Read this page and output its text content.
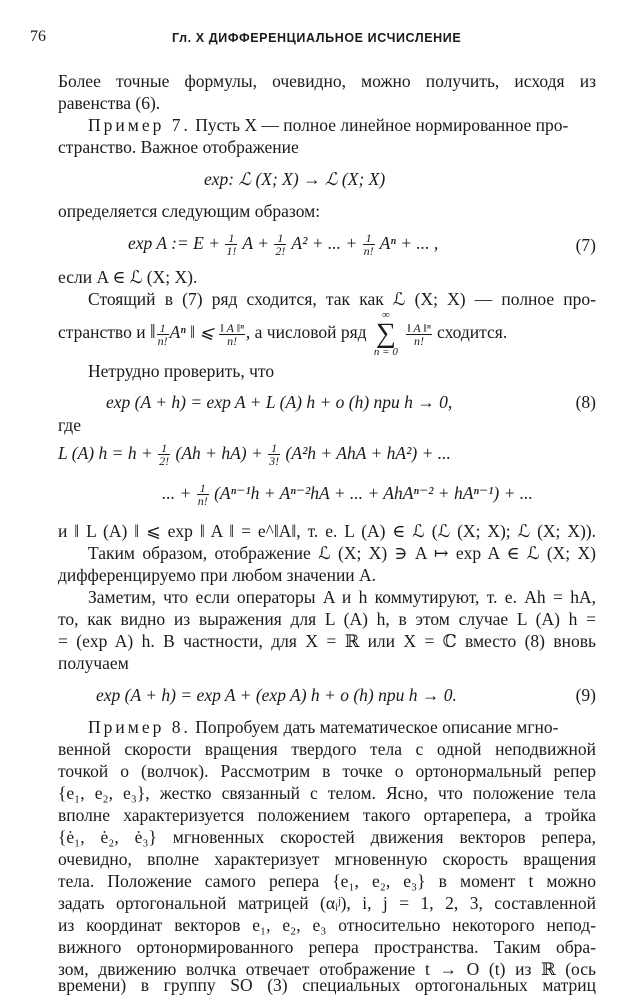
76	Гл. X ДИФФЕРЕНЦИАЛЬНОЕ ИСЧИСЛЕНИЕ
Более точные формулы, очевидно, можно получить, исходя из
равенства (6).
Пример 7. Пусть X — полное линейное нормированное про-
странство. Важное отображение
exp: ℒ (X; X) → ℒ (X; X)
определяется следующим образом:
exp A := $E + \frac{1}{1!}$ $A + \frac{1}{2!} A^2$ + ... + $\frac{1}{n!}$ Aⁿ + ... ,	(7)
если A ∈ ℒ (X; X).
Стоящий в (7) ряд сходится, так как ℒ (X; X) — полное про-
странство и ‖ $\frac{1}{n!}$ Aⁿ ‖ ⩽ $\frac{\text{‖ A ‖ⁿ}}{n!}$ , а числовой ряд ∞
∑
n = 0
$\frac{\text{‖ A ‖ⁿ}}{n!}$ сходится.
Нетрудно проверить, что
exp (A + h) = exp A + L (A) h + o (h) при h → 0,	(8)
где
L (A) $h = h + \frac{1}{2!} (Ah + hA) + \frac{1}{3!} (A^2h$ + AhA + hA²) + ...
... + $\frac{1}{n!} (A^{n-1}h + A^{n-2}hA$ + ... + AhAⁿ⁻² + hAⁿ⁻¹) + ...
и ‖ L (A) ‖ ⩽ exp ‖ A ‖ = e^‖A‖, т. е. L (A) ∈ ℒ (ℒ (X; X); ℒ (X; X)).
Таким образом, отображение ℒ (X; X) ∋ A ↦ exp A ∈ ℒ (X; X)
дифференцируемо при любом значении A.
Заметим, что если операторы A и h коммутируют, т. е. Ah = hA,
то, как видно из выражения для L (A) h, в этом случае L (A) h =
= (exp A) h. В частности, для X = ℝ или X = ℂ вместо (8) вновь
получаем
exp (A + h) = exp A + (exp A) h + o (h) при h → 0.	(9)
Пример 8. Попробуем дать математическое описание мгно-
венной скорости вращения твердого тела с одной неподвижной
точкой o (волчок). Рассмотрим в точке o ортонормальный репер
{e₁, e₂, e₃}, жестко связанный с телом. Ясно, что положение тела
вполне характеризуется положением такого ортарепера, а тройка
{ė₁, ė₂, ė₃} мгновенных скоростей движения векторов репера,
очевидно, вполне характеризует мгновенную скорость вращения
тела. Положение самого репера {e₁, e₂, e₃} в момент t можно
задать ортогональной матрицей (αᵢʲ), i, j = 1, 2, 3, составленной
из координат векторов e₁, e₂, e₃ относительно некоторого непод-
вижного ортонормированного репера пространства. Таким обра-
зом, движению волчка отвечает отображение t → O (t) из ℝ (ось
времени) в группу SO (3) специальных ортогональных матриц
